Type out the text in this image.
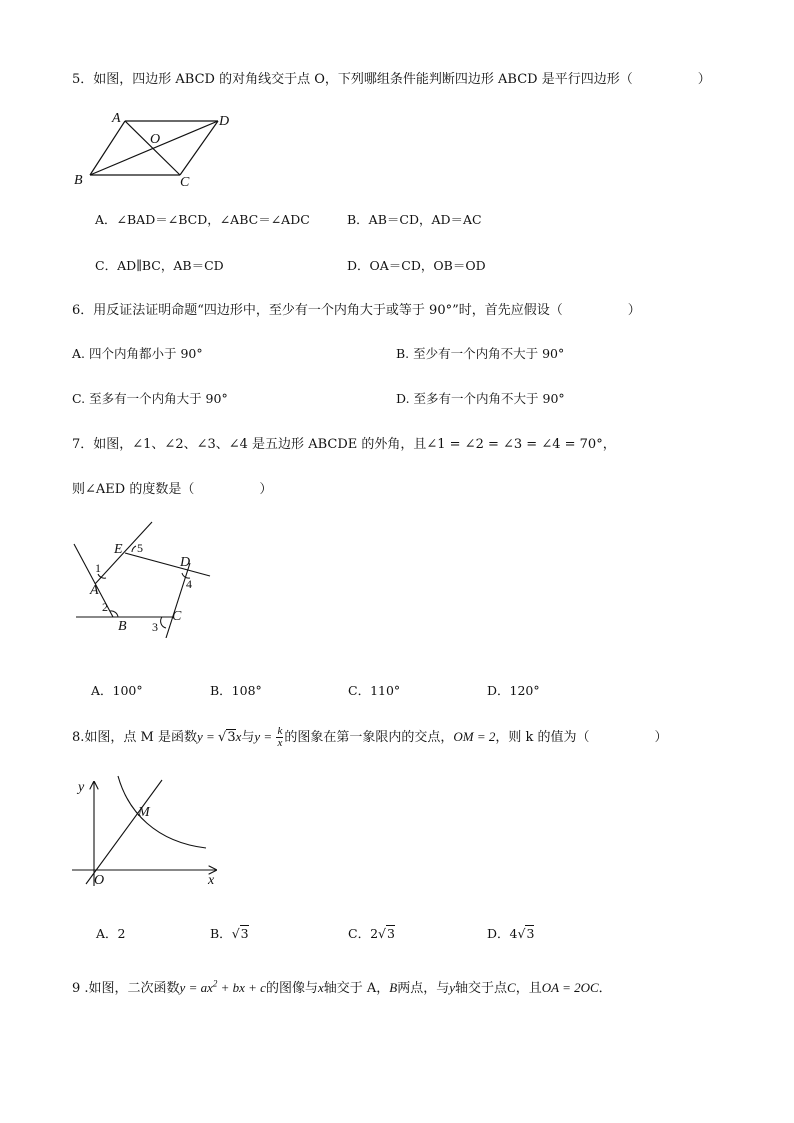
5．如图，四边形 ABCD 的对角线交于点 O，下列哪组条件能判断四边形 ABCD 是平行四边形（　　　　　）
A	D
O
B	C
A．∠BAD＝∠BCD，∠ABC＝∠ADC	B．AB＝CD，AD＝AC
C．AD∥BC，AB＝CD	D．OA＝CD，OB＝OD
6．用反证法证明命题“四边形中，至少有一个内角大于或等于 90°”时，首先应假设（　　　　　）
A. 四个内角都小于 90°	B. 至少有一个内角不大于 90°
C. 至多有一个内角大于 90°	D. 至多有一个内角不大于 90°
7．如图，∠1、∠2、∠3、∠4 是五边形 ABCDE 的外角，且∠1 = ∠2 = ∠3 = ∠4 = 70°，
则∠AED 的度数是（　　　　　）
E 5
D
4
1
A
2
B
C
3
A．100°	B．108°	C．110°	D．120°
8.如图，点 M 是函数y = √3x与$y = \frac{k}{x}$ 的图象在第一象限内的交点，OM = 2，则 k 的值为（　　　　　）
y
x
O
M
A．2	B．√3	C．2√3	D．4√3
9 .如图，二次函数$y = ax^2$ + bx + c的图像与x轴交于 A，B两点，与y轴交于点C，且OA = 2OC．
